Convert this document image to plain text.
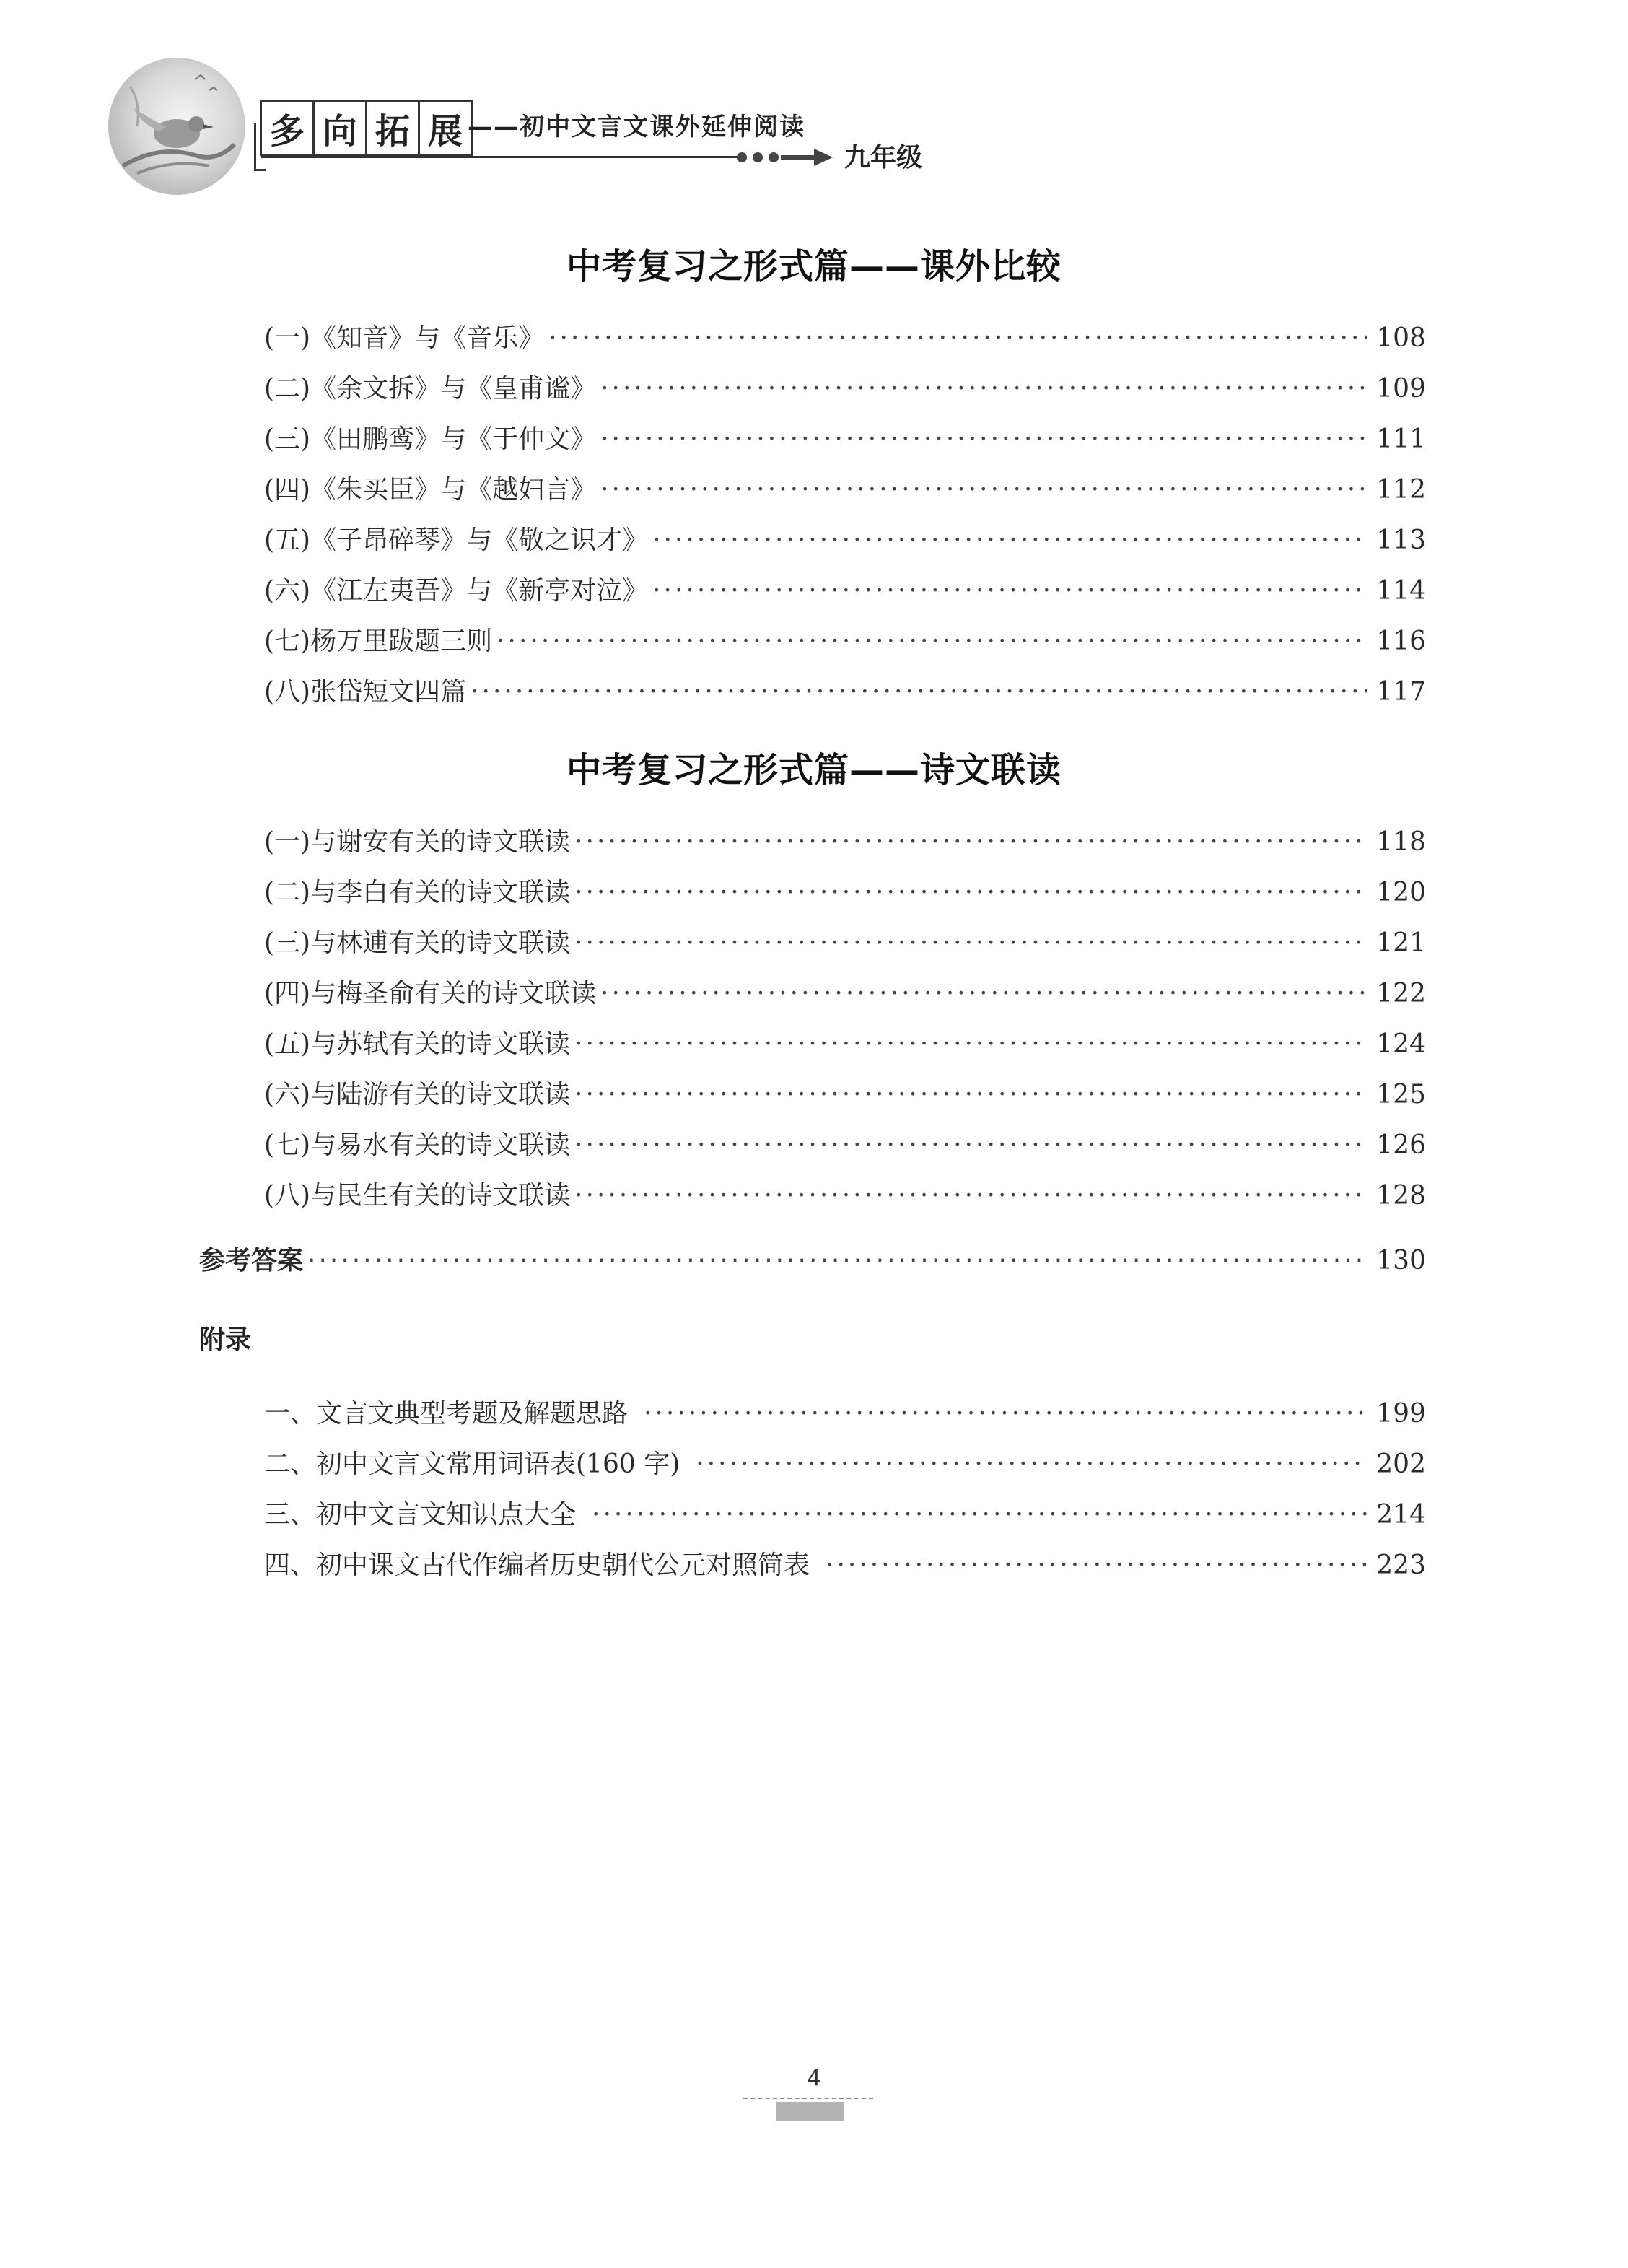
多 向 拓 展 ——初中文言文课外延伸阅读
九年级
中考复习之形式篇——课外比较
(一)《知音》与《音乐》 ·····	108
(二)《余文拆》与《皇甫谧》 ·····	109
(三)《田鹏鸾》与《于仲文》 ·····	111
(四)《朱买臣》与《越妇言》 ·····	112
(五)《子昂碎琴》与《敬之识才》 ·····	113
(六)《江左夷吾》与《新亭对泣》 ·····	114
(七)杨万里跋题三则 ·····	116
(八)张岱短文四篇 ·····	117
中考复习之形式篇——诗文联读
(一)与谢安有关的诗文联读 ·····	118
(二)与李白有关的诗文联读 ·····	120
(三)与林逋有关的诗文联读 ·····	121
(四)与梅圣俞有关的诗文联读 ·····	122
(五)与苏轼有关的诗文联读 ·····	124
(六)与陆游有关的诗文联读 ·····	125
(七)与易水有关的诗文联读 ·····	126
(八)与民生有关的诗文联读 ·····	128
参考答案 ·····	130
附录
一、文言文典型考题及解题思路 ·····	199
二、初中文言文常用词语表(160 字) ·····	202
三、初中文言文知识点大全 ·····	214
四、初中课文古代作编者历史朝代公元对照简表 ·····	223
4
